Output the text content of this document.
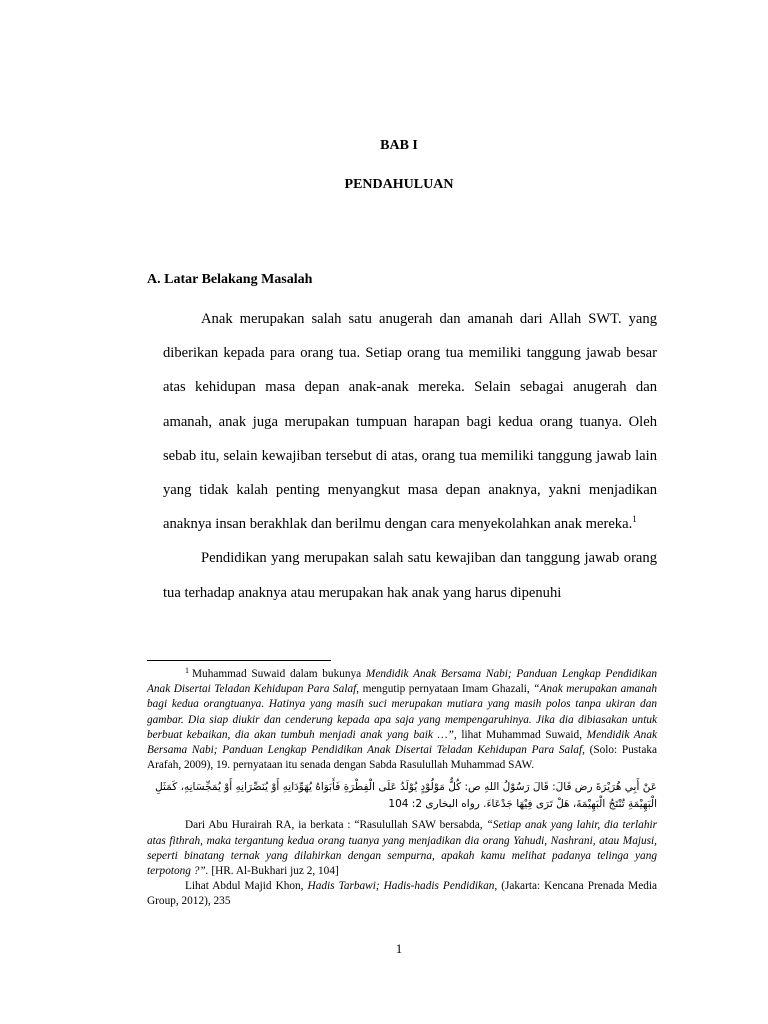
BAB I
PENDAHULUAN
A. Latar Belakang Masalah

Anak merupakan salah satu anugerah dan amanah dari Allah SWT. yang diberikan kepada para orang tua. Setiap orang tua memiliki tanggung jawab besar atas kehidupan masa depan anak-anak mereka. Selain sebagai anugerah dan amanah, anak juga merupakan tumpuan harapan bagi kedua orang tuanya. Oleh sebab itu, selain kewajiban tersebut di atas, orang tua memiliki tanggung jawab lain yang tidak kalah penting menyangkut masa depan anaknya, yakni menjadikan anaknya insan berakhlak dan berilmu dengan cara menyekolahkan anak mereka.$^1$

Pendidikan yang merupakan salah satu kewajiban dan tanggung jawab orang tua terhadap anaknya atau merupakan hak anak yang harus dipenuhi

$^1$ Muhammad Suwaid dalam bukunya Mendidik Anak Bersama Nabi; Panduan Lengkap Pendidikan Anak Disertai Teladan Kehidupan Para Salaf, mengutip pernyataan Imam Ghazali, “Anak merupakan amanah bagi kedua orangtuanya. Hatinya yang masih suci merupakan mutiara yang masih polos tanpa ukiran dan gambar. Dia siap diukir dan cenderung kepada apa saja yang mempengaruhinya. Jika dia dibiasakan untuk berbuat kebaikan, dia akan tumbuh menjadi anak yang baik …”, lihat Muhammad Suwaid, Mendidik Anak Bersama Nabi; Panduan Lengkap Pendidikan Anak Disertai Teladan Kehidupan Para Salaf, (Solo: Pustaka Arafah, 2009), 19. pernyataan itu senada dengan Sabda Rasulullah Muhammad SAW.

عَنْ أَبِي هُرَيْرَةَ رض قَالَ: قَالَ رَسُوْلُ اللهِ ص: كُلُّ مَوْلُوْدٍ يُوْلَدُ عَلَى الْفِطْرَةِ فَأَبَوَاهُ يُهَوِّدَانِهِ أَوْ يُنَصِّرَانِهِ أَوْ يُمَجِّسَانِهِ، كَمَثَلِ الْبَهِيْمَةِ تُنْتَجُ الْبَهِيْمَةَ، هَلْ تَرَى فِيْهَا جَدْعَاءَ. رواه البخارى 2: 104

Dari Abu Hurairah RA, ia berkata : “Rasulullah SAW bersabda, “Setiap anak yang lahir, dia terlahir atas fithrah, maka tergantung kedua orang tuanya yang menjadikan dia orang Yahudi, Nashrani, atau Majusi, seperti binatang ternak yang dilahirkan dengan sempurna, apakah kamu melihat padanya telinga yang terpotong ?”. [HR. Al-Bukhari juz 2, 104]

Lihat Abdul Majid Khon, Hadis Tarbawi; Hadis-hadis Pendidikan, (Jakarta: Kencana Prenada Media Group, 2012), 235

1
